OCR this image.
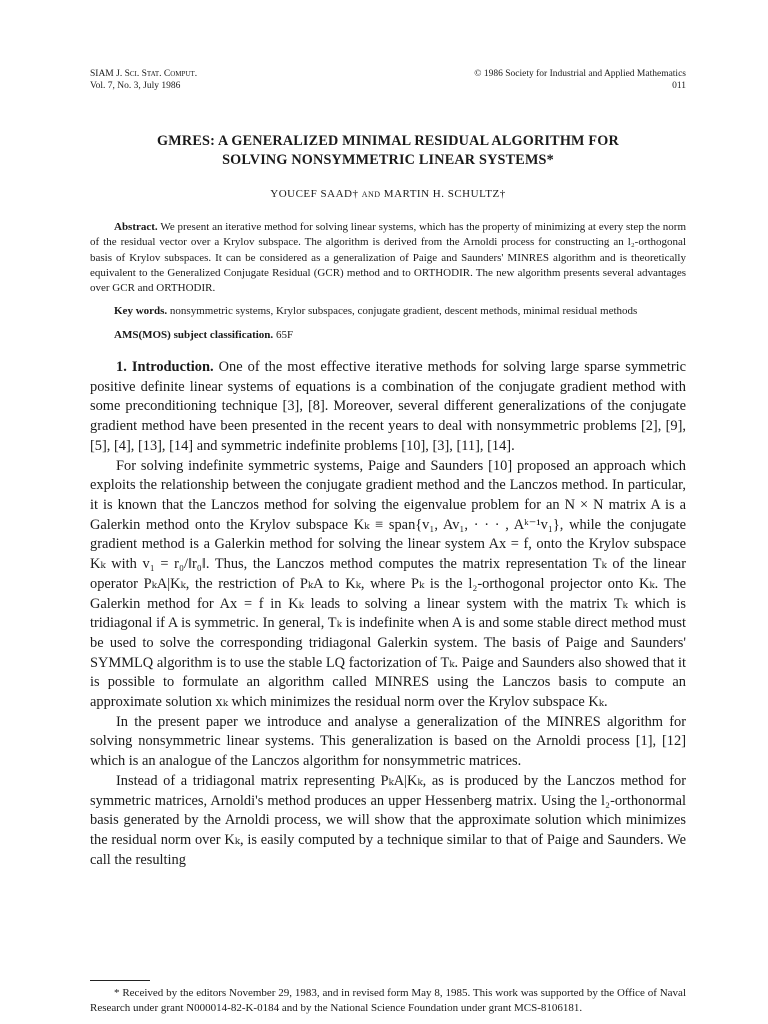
SIAM J. Sci. Stat. Comput.
Vol. 7, No. 3, July 1986
© 1986 Society for Industrial and Applied Mathematics
011
GMRES: A GENERALIZED MINIMAL RESIDUAL ALGORITHM FOR
SOLVING NONSYMMETRIC LINEAR SYSTEMS*
YOUCEF SAAD† and MARTIN H. SCHULTZ†
Abstract. We present an iterative method for solving linear systems, which has the property of minimizing at every step the norm of the residual vector over a Krylov subspace. The algorithm is derived from the Arnoldi process for constructing an l₂-orthogonal basis of Krylov subspaces. It can be considered as a generalization of Paige and Saunders' MINRES algorithm and is theoretically equivalent to the Generalized Conjugate Residual (GCR) method and to ORTHODIR. The new algorithm presents several advantages over GCR and ORTHODIR.
Key words. nonsymmetric systems, Krylor subspaces, conjugate gradient, descent methods, minimal residual methods
AMS(MOS) subject classification. 65F

1. Introduction. One of the most effective iterative methods for solving large sparse symmetric positive definite linear systems of equations is a combination of the conjugate gradient method with some preconditioning technique [3], [8]. Moreover, several different generalizations of the conjugate gradient method have been presented in the recent years to deal with nonsymmetric problems [2], [9], [5], [4], [13], [14] and symmetric indefinite problems [10], [3], [11], [14].

For solving indefinite symmetric systems, Paige and Saunders [10] proposed an approach which exploits the relationship between the conjugate gradient method and the Lanczos method. In particular, it is known that the Lanczos method for solving the eigenvalue problem for an N × N matrix A is a Galerkin method onto the Krylov subspace Kₖ ≡ span{v₁, Av₁, · · · , Aᵏ⁻¹v₁}, while the conjugate gradient method is a Galerkin method for solving the linear system Ax = f, onto the Krylov subspace Kₖ with v₁ = r₀/‖r₀‖. Thus, the Lanczos method computes the matrix representation Tₖ of the linear operator PₖA|Kₖ, the restriction of PₖA to Kₖ, where Pₖ is the l₂-orthogonal projector onto Kₖ. The Galerkin method for Ax = f in Kₖ leads to solving a linear system with the matrix Tₖ which is tridiagonal if A is symmetric. In general, Tₖ is indefinite when A is and some stable direct method must be used to solve the corresponding tridiagonal Galerkin system. The basis of Paige and Saunders' SYMMLQ algorithm is to use the stable LQ factorization of Tₖ. Paige and Saunders also showed that it is possible to formulate an algorithm called MINRES using the Lanczos basis to compute an approximate solution xₖ which minimizes the residual norm over the Krylov subspace Kₖ.

In the present paper we introduce and analyse a generalization of the MINRES algorithm for solving nonsymmetric linear systems. This generalization is based on the Arnoldi process [1], [12] which is an analogue of the Lanczos algorithm for nonsymmetric matrices.

Instead of a tridiagonal matrix representing PₖA|Kₖ, as is produced by the Lanczos method for symmetric matrices, Arnoldi's method produces an upper Hessenberg matrix. Using the l₂-orthonormal basis generated by the Arnoldi process, we will show that the approximate solution which minimizes the residual norm over Kₖ, is easily computed by a technique similar to that of Paige and Saunders. We call the resulting

* Received by the editors November 29, 1983, and in revised form May 8, 1985. This work was supported by the Office of Naval Research under grant N000014-82-K-0184 and by the National Science Foundation under grant MCS-8106181.
